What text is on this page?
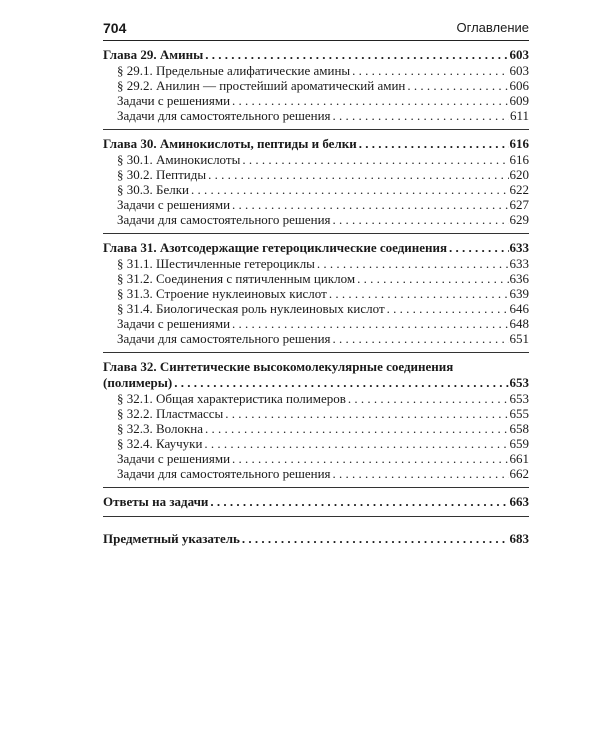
704	Оглавление
Глава 29. Амины . . .	603
§ 29.1. Предельные алифатические амины . . .	603
§ 29.2. Анилин — простейший ароматический амин . . .	606
Задачи с решениями . . .	609
Задачи для самостоятельного решения . . .	611
Глава 30. Аминокислоты, пептиды и белки . . .	616
§ 30.1. Аминокислоты . . .	616
§ 30.2. Пептиды . . .	620
§ 30.3. Белки . . .	622
Задачи с решениями . . .	627
Задачи для самостоятельного решения . . .	629
Глава 31. Азотсодержащие гетероциклические соединения . . .	633
§ 31.1. Шестичленные гетероциклы . . .	633
§ 31.2. Соединения с пятичленным циклом . . .	636
§ 31.3. Строение нуклеиновых кислот . . .	639
§ 31.4. Биологическая роль нуклеиновых кислот . . .	646
Задачи с решениями . . .	648
Задачи для самостоятельного решения . . .	651
Глава 32. Синтетические высокомолекулярные соединения
(полимеры) . . .	653
§ 32.1. Общая характеристика полимеров . . .	653
§ 32.2. Пластмассы . . .	655
§ 32.3. Волокна . . .	658
§ 32.4. Каучуки . . .	659
Задачи с решениями . . .	661
Задачи для самостоятельного решения . . .	662
Ответы на задачи . . .	663
Предметный указатель . . .	683
